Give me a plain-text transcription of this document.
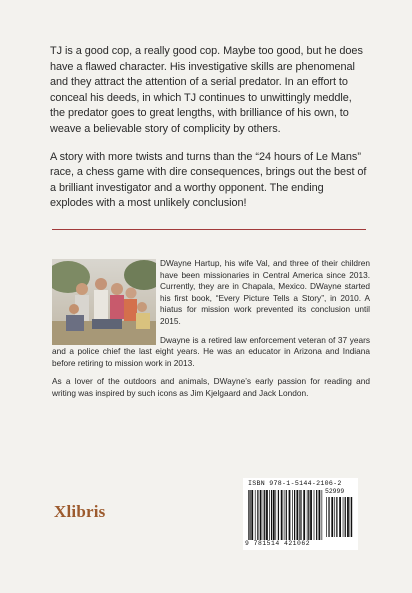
TJ is a good cop, a really good cop. Maybe too good, but he does have a flawed character. His investigative skills are phenomenal and they attract the attention of a serial predator. In an effort to conceal his deeds, in which TJ continues to unwittingly meddle, the predator goes to great lengths, with brilliance of his own, to weave a believable story of complicity by others.

A story with more twists and turns than the “24 hours of Le Mans” race, a chess game with dire consequences, brings out the best of a brilliant investigator and a worthy opponent. The ending explodes with a most unlikely conclusion!

DWayne Hartup, his wife Val, and three of their children have been missionaries in Central America since 2013. Currently, they are in Chapala, Mexico. DWayne started his first book, “Every Picture Tells a Story”, in 2010. A hiatus for mission work prevented its conclusion until 2015.

Dwayne is a retired law enforcement veteran of 37 years and a police chief the last eight years. He was an educator in Arizona and Indiana before retiring to mission work in 2013.

As a lover of the outdoors and animals, DWayne’s early passion for reading and writing was inspired by such icons as Jim Kjelgaard and Jack London.

Xlibris
ISBN 978-1-5144-2106-2
52999
9 781514 421062
